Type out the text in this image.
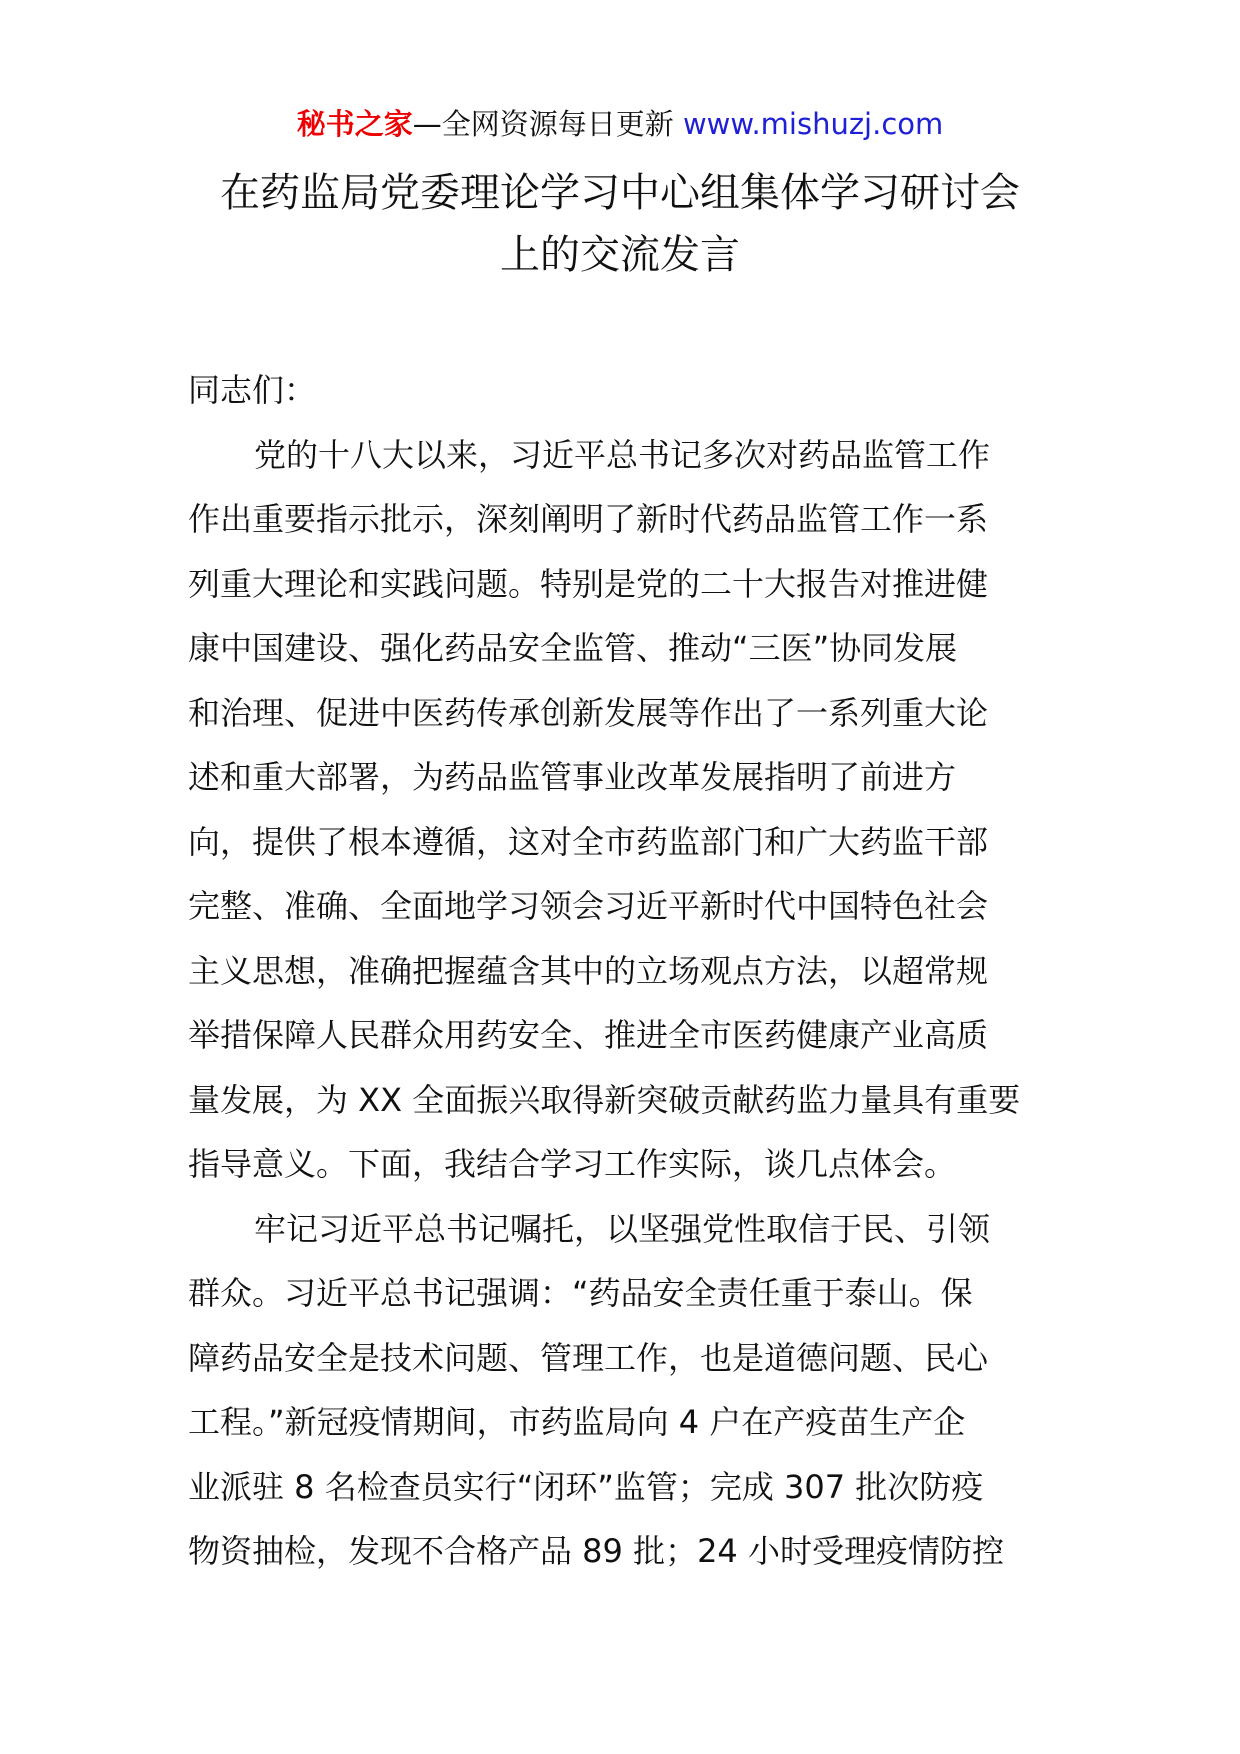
秘书之家—全网资源每日更新 www.mishuzj.com
在药监局党委理论学习中心组集体学习研讨会
上的交流发言
同志们：
党的十八大以来，习近平总书记多次对药品监管工作
作出重要指示批示，深刻阐明了新时代药品监管工作一系
列重大理论和实践问题。特别是党的二十大报告对推进健
康中国建设、强化药品安全监管、推动“三医”协同发展
和治理、促进中医药传承创新发展等作出了一系列重大论
述和重大部署，为药品监管事业改革发展指明了前进方
向，提供了根本遵循，这对全市药监部门和广大药监干部
完整、准确、全面地学习领会习近平新时代中国特色社会
主义思想，准确把握蕴含其中的立场观点方法，以超常规
举措保障人民群众用药安全、推进全市医药健康产业高质
量发展，为 XX 全面振兴取得新突破贡献药监力量具有重要
指导意义。下面，我结合学习工作实际，谈几点体会。
牢记习近平总书记嘱托，以坚强党性取信于民、引领
群众。习近平总书记强调：“药品安全责任重于泰山。保
障药品安全是技术问题、管理工作，也是道德问题、民心
工程。”新冠疫情期间，市药监局向 4 户在产疫苗生产企
业派驻 8 名检查员实行“闭环”监管；完成 307 批次防疫
物资抽检，发现不合格产品 89 批；24 小时受理疫情防控
